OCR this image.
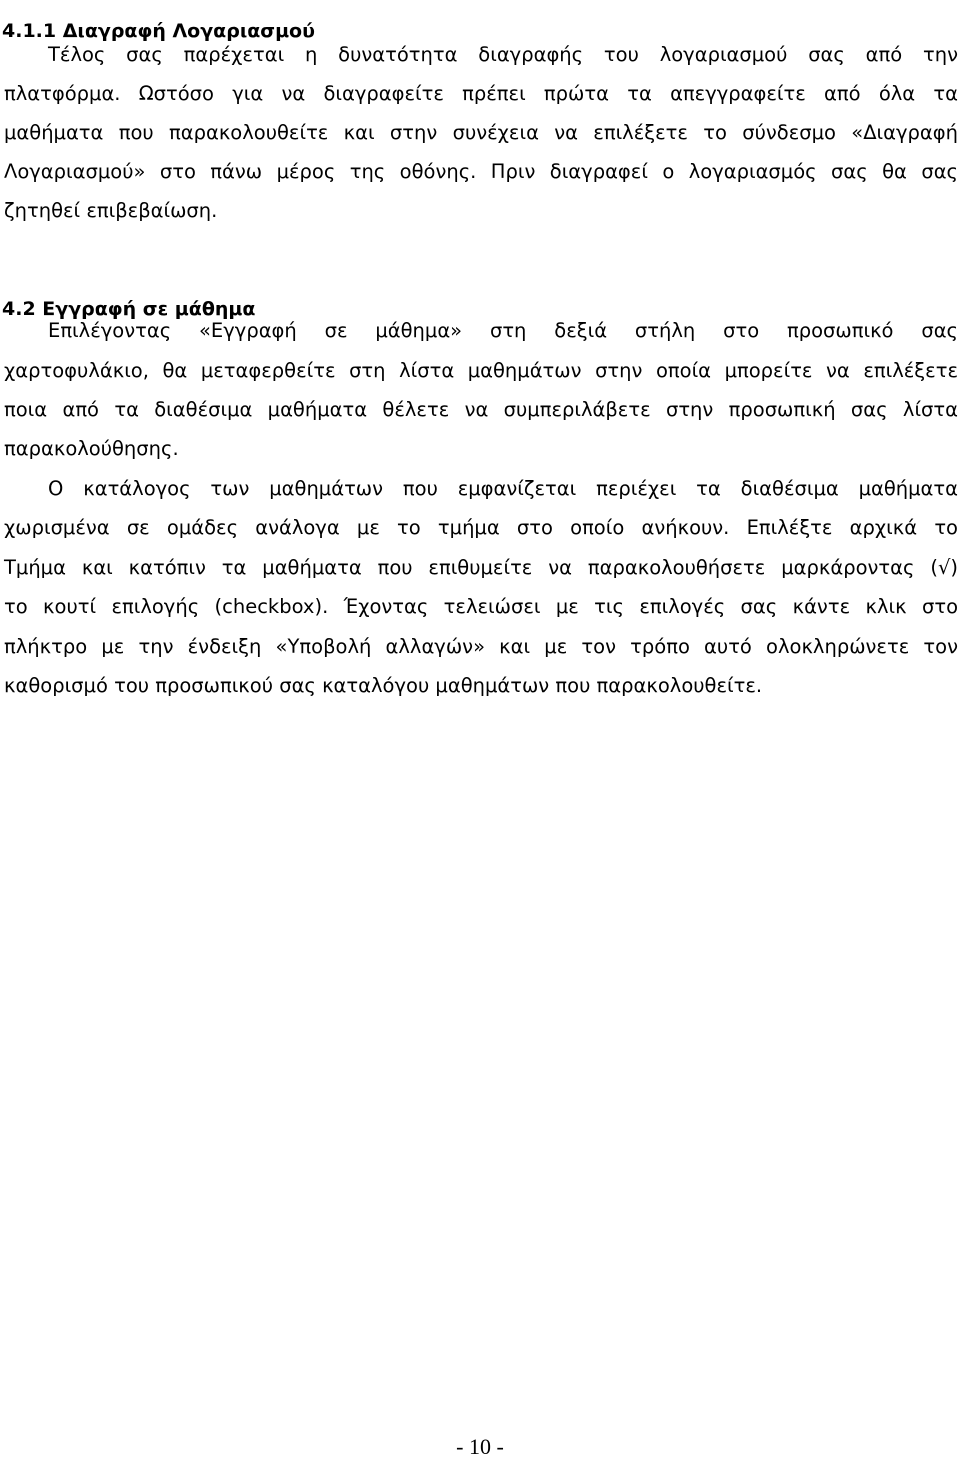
4.1.1 Διαγραφή Λογαριασμού
Τέλος σας παρέχεται η δυνατότητα διαγραφής του λογαριασμού σας από την
πλατφόρμα. Ωστόσο για να διαγραφείτε πρέπει πρώτα τα απεγγραφείτε από όλα τα
μαθήματα που παρακολουθείτε και στην συνέχεια να επιλέξετε το σύνδεσμο «Διαγραφή
Λογαριασμού» στο πάνω μέρος της οθόνης. Πριν διαγραφεί ο λογαριασμός σας θα σας
ζητηθεί επιβεβαίωση.
4.2 Εγγραφή σε μάθημα
Επιλέγοντας «Εγγραφή σε μάθημα» στη δεξιά στήλη στο προσωπικό σας
χαρτοφυλάκιο, θα μεταφερθείτε στη λίστα μαθημάτων στην οποία μπορείτε να επιλέξετε
ποια από τα διαθέσιμα μαθήματα θέλετε να συμπεριλάβετε στην προσωπική σας λίστα
παρακολούθησης.
Ο κατάλογος των μαθημάτων που εμφανίζεται περιέχει τα διαθέσιμα μαθήματα
χωρισμένα σε ομάδες ανάλογα με το τμήμα στο οποίο ανήκουν. Επιλέξτε αρχικά το
Τμήμα και κατόπιν τα μαθήματα που επιθυμείτε να παρακολουθήσετε μαρκάροντας (√)
το κουτί επιλογής (checkbox). Έχοντας τελειώσει με τις επιλογές σας κάντε κλικ στο
πλήκτρο με την ένδειξη «Υποβολή αλλαγών» και με τον τρόπο αυτό ολοκληρώνετε τον
καθορισμό του προσωπικού σας καταλόγου μαθημάτων που παρακολουθείτε.
- 10 -
